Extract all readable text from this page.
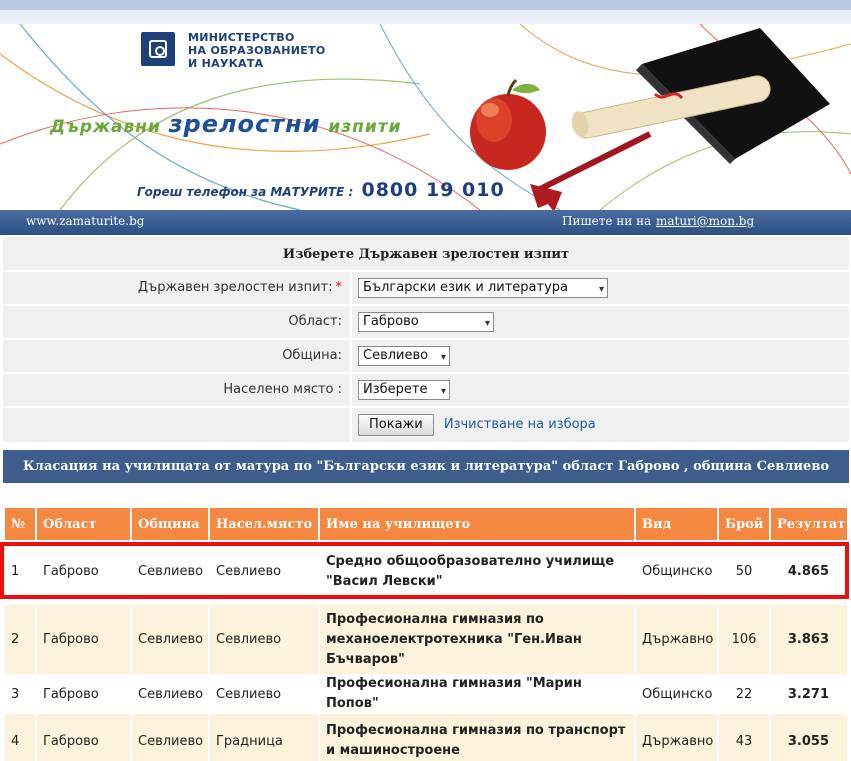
МИНИСТЕРСТВО
НА ОБРАЗОВАНИЕТО
И НАУКАТА
Държавни зрелостни изпити
Гореш телефон за МАТУРИТЕ : 0800 19 010
www.zamaturite.bg	Пишете ни на maturi@mon.bg
Изберете Държавен зрелостен изпит
Държавен зрелостен изпит: *	Български език и литература	▾
Област:	Габрово	▾
Община:	Севлиево ▾
Населено място :	Изберете ▾
Покажи Изчистване на избора
Класация на училищата от матура по "Български език и литература" област Габрово , община Севлиево
№	Област	Община	Насел.място	Име на училището	Вид	Брой	Резултат

1	Габрово	Севлиево	Севлиево	Средно общообразователно училище "Васил Левски"	Общинско	50	4.865

2	Габрово	Севлиево	Севлиево	Професионална гимназия по механоелектротехника "Ген.Иван Бъчваров"	Държавно	106	3.863
3	Габрово	Севлиево	Севлиево	Професионална гимназия "Марин Попов"	Общинско	22	3.271
4	Габрово	Севлиево	Градница	Професионална гимназия по транспорт и машиностроене	Държавно	43	3.055
